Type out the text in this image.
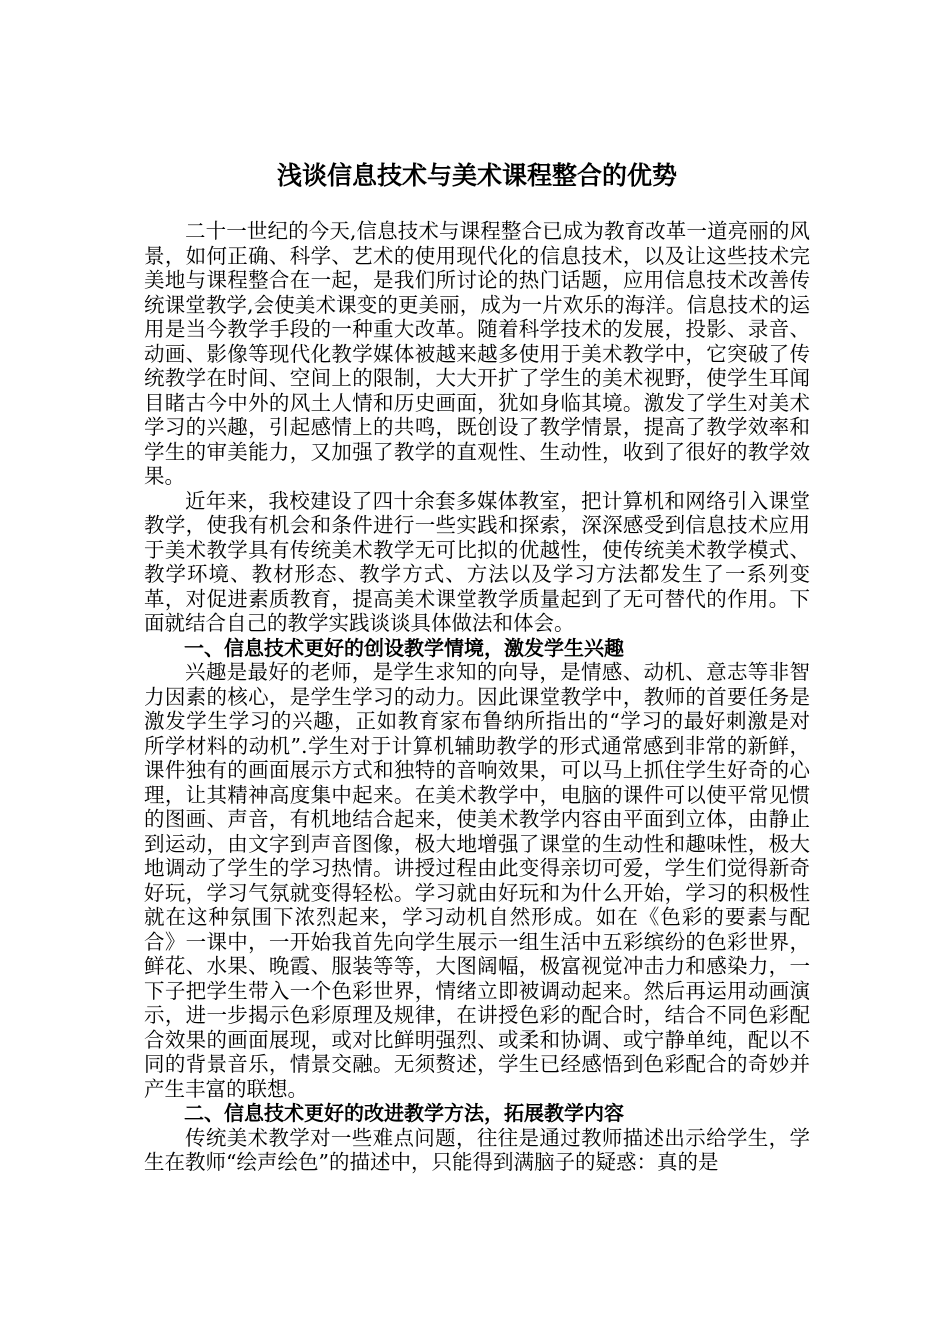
浅谈信息技术与美术课程整合的优势

二十一世纪的今天,信息技术与课程整合已成为教育改革一道亮丽的风景，如何正确、科学、艺术的使用现代化的信息技术，以及让这些技术完美地与课程整合在一起，是我们所讨论的热门话题，应用信息技术改善传统课堂教学,会使美术课变的更美丽，成为一片欢乐的海洋。信息技术的运用是当今教学手段的一种重大改革。随着科学技术的发展，投影、录音、动画、影像等现代化教学媒体被越来越多使用于美术教学中，它突破了传统教学在时间、空间上的限制，大大开扩了学生的美术视野，使学生耳闻目睹古今中外的风土人情和历史画面，犹如身临其境。激发了学生对美术学习的兴趣，引起感情上的共鸣，既创设了教学情景，提高了教学效率和学生的审美能力，又加强了教学的直观性、生动性，收到了很好的教学效果。

近年来，我校建设了四十余套多媒体教室，把计算机和网络引入课堂教学，使我有机会和条件进行一些实践和探索，深深感受到信息技术应用于美术教学具有传统美术教学无可比拟的优越性，使传统美术教学模式、教学环境、教材形态、教学方式、方法以及学习方法都发生了一系列变革，对促进素质教育，提高美术课堂教学质量起到了无可替代的作用。下面就结合自己的教学实践谈谈具体做法和体会。

一、信息技术更好的创设教学情境，激发学生兴趣

兴趣是最好的老师，是学生求知的向导，是情感、动机、意志等非智力因素的核心，是学生学习的动力。因此课堂教学中，教师的首要任务是激发学生学习的兴趣，正如教育家布鲁纳所指出的“学习的最好刺激是对所学材料的动机”.学生对于计算机辅助教学的形式通常感到非常的新鲜，课件独有的画面展示方式和独特的音响效果，可以马上抓住学生好奇的心理，让其精神高度集中起来。在美术教学中，电脑的课件可以使平常见惯的图画、声音，有机地结合起来，使美术教学内容由平面到立体，由静止到运动，由文字到声音图像，极大地增强了课堂的生动性和趣味性，极大地调动了学生的学习热情。讲授过程由此变得亲切可爱，学生们觉得新奇好玩，学习气氛就变得轻松。学习就由好玩和为什么开始，学习的积极性就在这种氛围下浓烈起来，学习动机自然形成。如在《色彩的要素与配合》一课中，一开始我首先向学生展示一组生活中五彩缤纷的色彩世界，鲜花、水果、晚霞、服装等等，大图阔幅，极富视觉冲击力和感染力，一下子把学生带入一个色彩世界，情绪立即被调动起来。然后再运用动画演示，进一步揭示色彩原理及规律，在讲授色彩的配合时，结合不同色彩配合效果的画面展现，或对比鲜明强烈、或柔和协调、或宁静单纯，配以不同的背景音乐，情景交融。无须赘述，学生已经感悟到色彩配合的奇妙并产生丰富的联想。

二、信息技术更好的改进教学方法，拓展教学内容

传统美术教学对一些难点问题，往往是通过教师描述出示给学生，学生在教师“绘声绘色”的描述中，只能得到满脑子的疑惑：真的是
